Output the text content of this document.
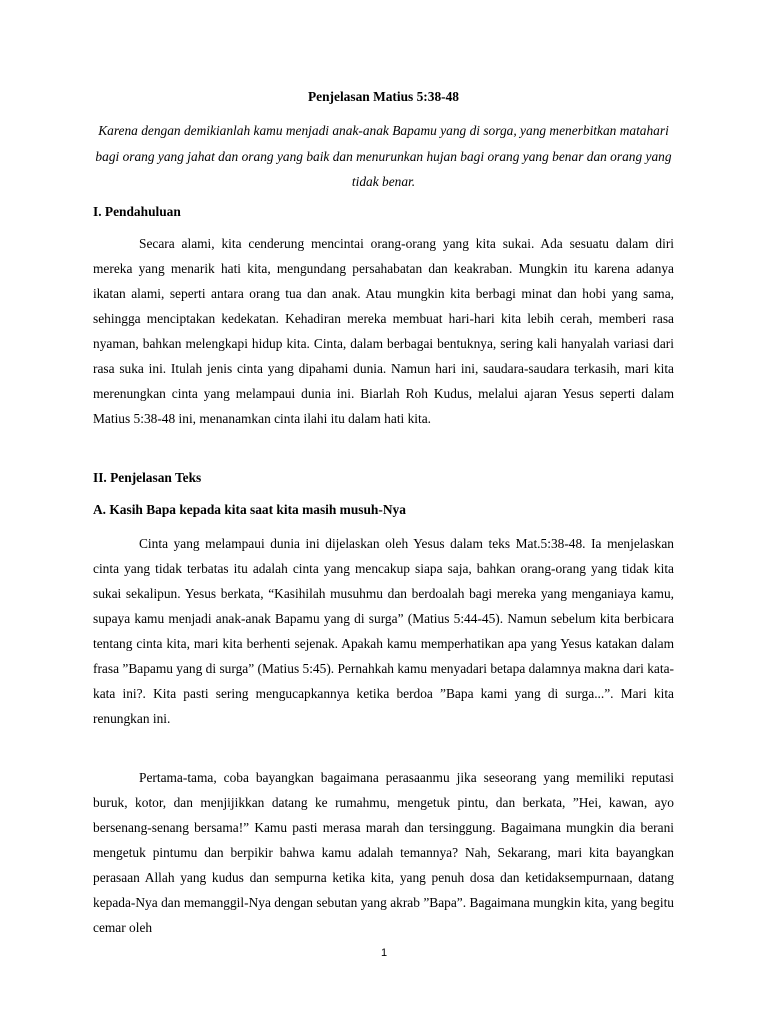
Penjelasan Matius 5:38-48
Karena dengan demikianlah kamu menjadi anak-anak Bapamu yang di sorga, yang menerbitkan matahari bagi orang yang jahat dan orang yang baik dan menurunkan hujan bagi orang yang benar dan orang yang tidak benar.
I. Pendahuluan
Secara alami, kita cenderung mencintai orang-orang yang kita sukai. Ada sesuatu dalam diri mereka yang menarik hati kita, mengundang persahabatan dan keakraban. Mungkin itu karena adanya ikatan alami, seperti antara orang tua dan anak. Atau mungkin kita berbagi minat dan hobi yang sama, sehingga menciptakan kedekatan. Kehadiran mereka membuat hari-hari kita lebih cerah, memberi rasa nyaman, bahkan melengkapi hidup kita. Cinta, dalam berbagai bentuknya, sering kali hanyalah variasi dari rasa suka ini. Itulah jenis cinta yang dipahami dunia. Namun hari ini, saudara-saudara terkasih, mari kita merenungkan cinta yang melampaui dunia ini. Biarlah Roh Kudus, melalui ajaran Yesus seperti dalam Matius 5:38-48 ini, menanamkan cinta ilahi itu dalam hati kita.
II. Penjelasan Teks
A. Kasih Bapa kepada kita saat kita masih musuh-Nya
Cinta yang melampaui dunia ini dijelaskan oleh Yesus dalam teks Mat.5:38-48. Ia menjelaskan cinta yang tidak terbatas itu adalah cinta yang mencakup siapa saja, bahkan orang-orang yang tidak kita sukai sekalipun. Yesus berkata, “Kasihilah musuhmu dan berdoalah bagi mereka yang menganiaya kamu, supaya kamu menjadi anak-anak Bapamu yang di surga” (Matius 5:44-45). Namun sebelum kita berbicara tentang cinta kita, mari kita berhenti sejenak. Apakah kamu memperhatikan apa yang Yesus katakan dalam frasa ”Bapamu yang di surga” (Matius 5:45). Pernahkah kamu menyadari betapa dalamnya makna dari kata-kata ini?. Kita pasti sering mengucapkannya ketika berdoa ”Bapa kami yang di surga...”. Mari kita renungkan ini.
Pertama-tama, coba bayangkan bagaimana perasaanmu jika seseorang yang memiliki reputasi buruk, kotor, dan menjijikkan datang ke rumahmu, mengetuk pintu, dan berkata, ”Hei, kawan, ayo bersenang-senang bersama!” Kamu pasti merasa marah dan tersinggung. Bagaimana mungkin dia berani mengetuk pintumu dan berpikir bahwa kamu adalah temannya? Nah, Sekarang, mari kita bayangkan perasaan Allah yang kudus dan sempurna ketika kita, yang penuh dosa dan ketidaksempurnaan, datang kepada-Nya dan memanggil-Nya dengan sebutan yang akrab ”Bapa”. Bagaimana mungkin kita, yang begitu cemar oleh
1
